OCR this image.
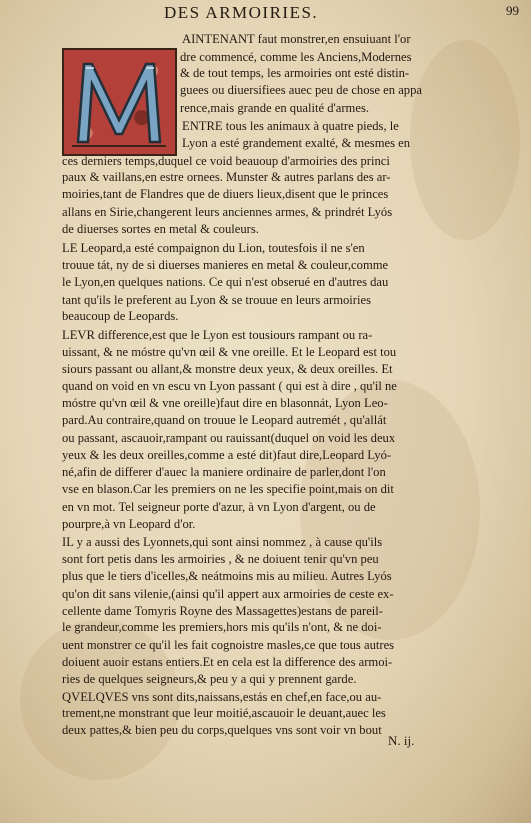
DES ARMOIRIES.	99
AINTENANT faut monstrer,en ensuiuant l'or
dre commencé, comme les Anciens,Modernes
& de tout temps, les armoiries ont esté distin-
guees ou diuersifiees auec peu de chose en appa
rence,mais grande en qualité d'armes.
ENTRE tous les animaux à quatre pieds, le
Lyon a esté grandement exalté, & mesmes en
ces derniers temps,duquel ce void beauoup d'armoiries des princi
paux & vaillans,en estre ornees. Munster & autres parlans des ar-
moiries,tant de Flandres que de diuers lieux,disent que le princes
allans en Sirie,changerent leurs anciennes armes, & prindrét Lyós
de diuerses sortes en metal & couleurs.
LE Leopard,a esté compaignon du Lion, toutesfois il ne s'en
trouue tát, ny de si diuerses manieres en metal & couleur,comme
le Lyon,en quelques nations. Ce qui n'est obserué en d'autres dau
tant qu'ils le preferent au Lyon & se trouue en leurs armoiries
beaucoup de Leopards.
LEVR difference,est que le Lyon est tousiours rampant ou ra-
uissant, & ne móstre qu'vn œil & vne oreille. Et le Leopard est tou
siours passant ou allant,& monstre deux yeux, & deux oreilles. Et
quand on void en vn escu vn Lyon passant ( qui est à dire , qu'il ne
móstre qu'vn œil & vne oreille)faut dire en blasonnát, Lyon Leo-
pard.Au contraire,quand on trouue le Leopard autremét , qu'allát
ou passant, ascauoir,rampant ou rauissant(duquel on void les deux
yeux & les deux oreilles,comme a esté dit)faut dire,Leopard Lyó-
né,afin de differer d'auec la maniere ordinaire de parler,dont l'on
vse en blason.Car les premiers on ne les specifie point,mais on dit
en vn mot. Tel seigneur porte d'azur, à vn Lyon d'argent, ou de
pourpre,à vn Leopard d'or.
IL y a aussi des Lyonnets,qui sont ainsi nommez , à cause qu'ils
sont fort petis dans les armoiries , & ne doiuent tenir qu'vn peu
plus que le tiers d'icelles,& neátmoins mis au milieu. Autres Lyós
qu'on dit sans vilenie,(ainsi qu'il appert aux armoiries de ceste ex-
cellente dame Tomyris Royne des Massagettes)estans de pareil-
le grandeur,comme les premiers,hors mis qu'ils n'ont, & ne doi-
uent monstrer ce qu'il les fait cognoistre masles,ce que tous autres
doiuent auoir estans entiers.Et en cela est la difference des armoi-
ries de quelques seigneurs,& peu y a qui y prennent garde.
QVELQVES vns sont dits,naissans,estás en chef,en face,ou au-
trement,ne monstrant que leur moitié,ascauoir le deuant,auec les
deux pattes,& bien peu du corps,quelques vns sont voir vn bout
N. ij.
